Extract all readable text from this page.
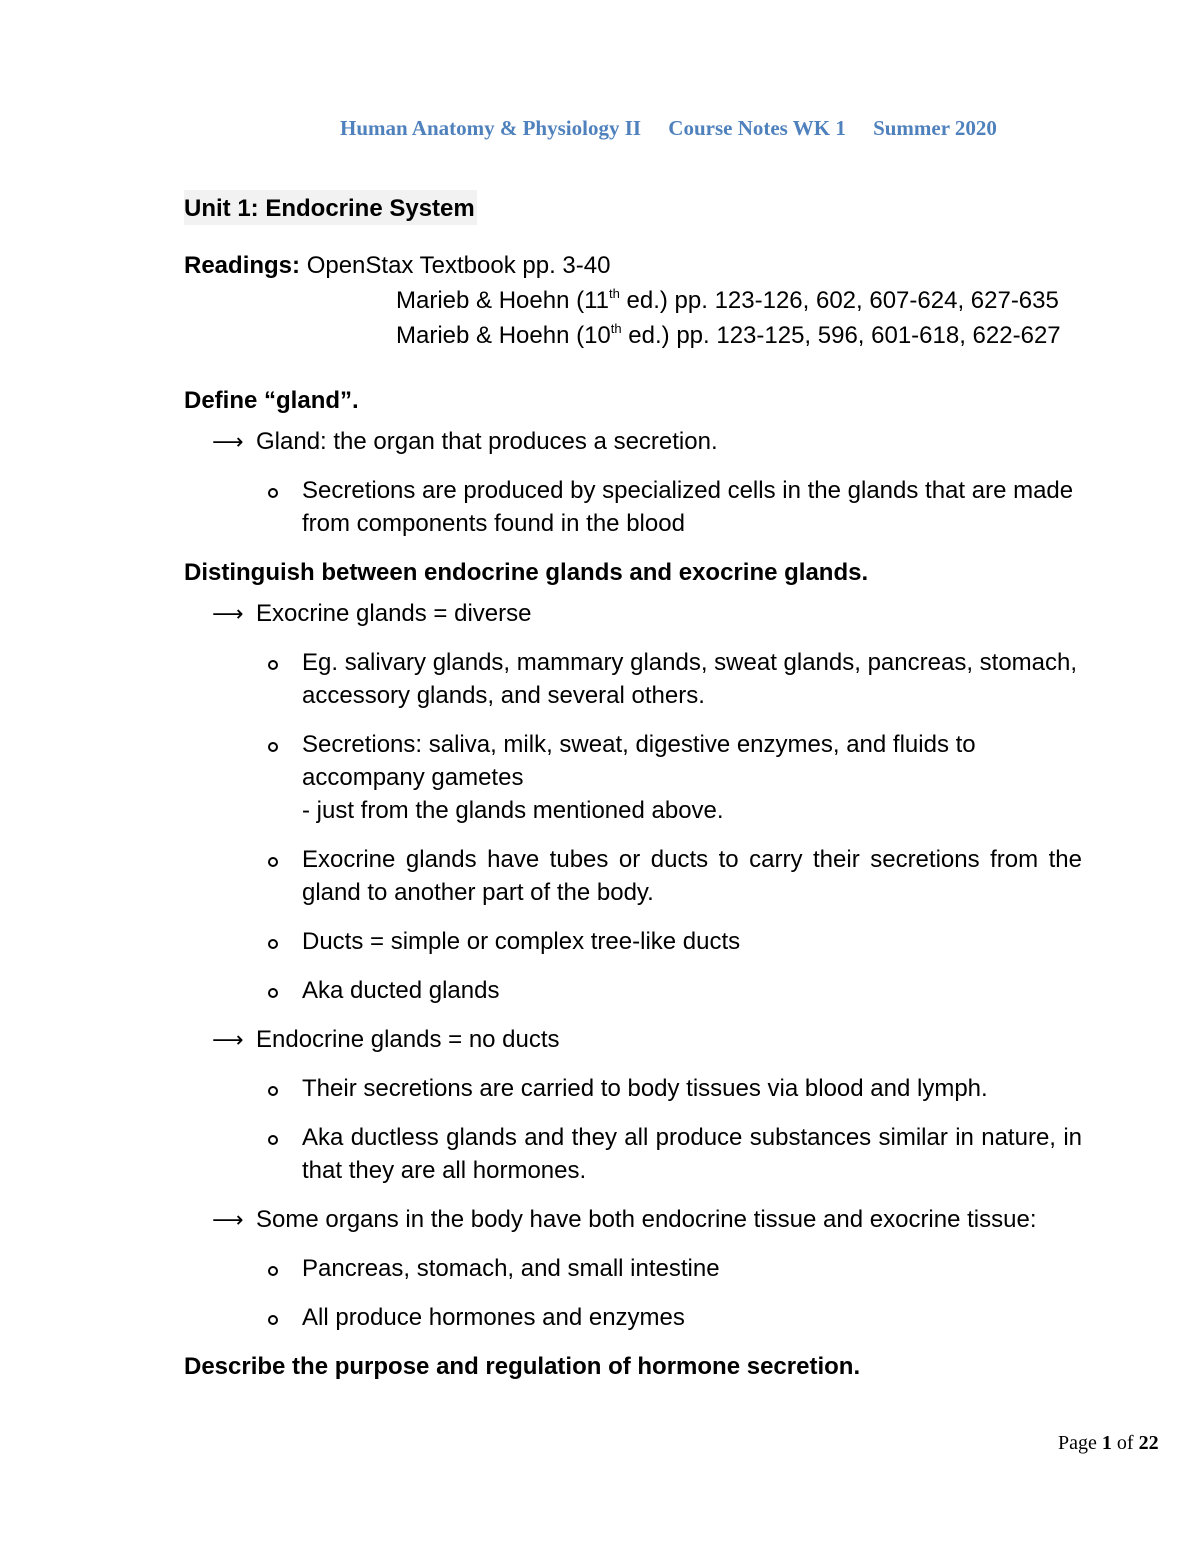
Human Anatomy & Physiology II Course Notes WK 1 Summer 2020
Unit 1: Endocrine System
Readings: OpenStax Textbook pp. 3-40
Marieb & Hoehn (11th ed.) pp. 123-126, 602, 607-624, 627-635
Marieb & Hoehn (10th ed.) pp. 123-125, 596, 601-618, 622-627
Define “gland”.
⟶ Gland: the organ that produces a secretion.
Secretions are produced by specialized cells in the glands that are made from components found in the blood
Distinguish between endocrine glands and exocrine glands.
⟶ Exocrine glands = diverse
Eg. salivary glands, mammary glands, sweat glands, pancreas, stomach, accessory glands, and several others.
Secretions: saliva, milk, sweat, digestive enzymes, and fluids to accompany gametes
- just from the glands mentioned above.
Exocrine glands have tubes or ducts to carry their secretions from the gland to another part of the body.
Ducts = simple or complex tree-like ducts
Aka ducted glands
⟶ Endocrine glands = no ducts
Their secretions are carried to body tissues via blood and lymph.
Aka ductless glands and they all produce substances similar in nature, in that they are all hormones.
⟶ Some organs in the body have both endocrine tissue and exocrine tissue:
Pancreas, stomach, and small intestine
All produce hormones and enzymes
Describe the purpose and regulation of hormone secretion.
Page 1 of 22
